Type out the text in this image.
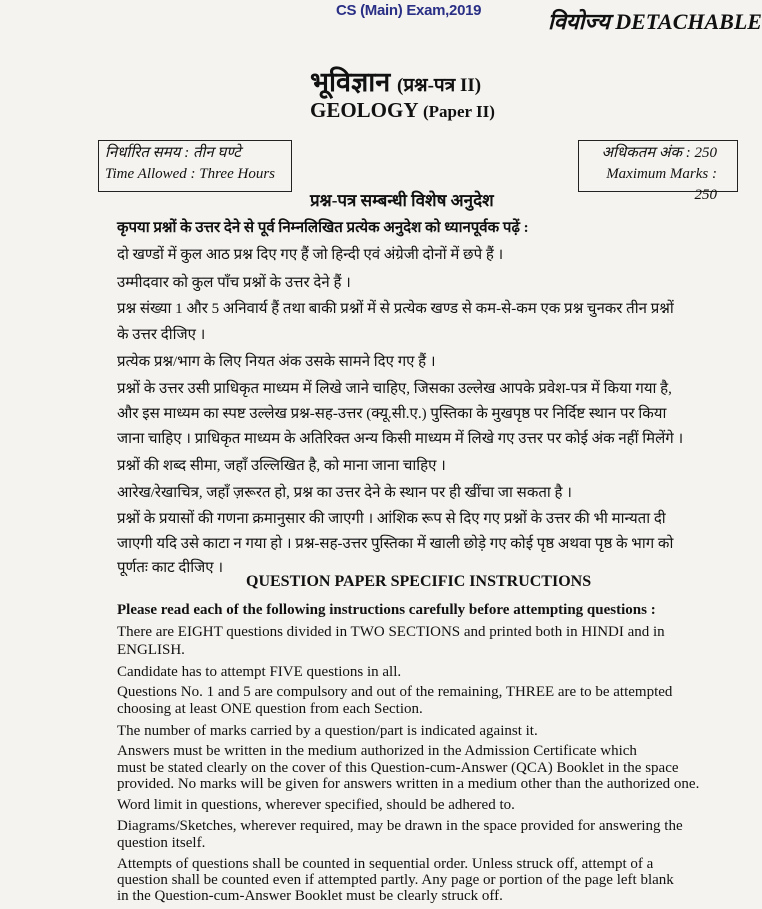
CS (Main) Exam,2019	वियोज्य DETACHABLE
भूविज्ञान (प्रश्न-पत्र II)
GEOLOGY (Paper II)
निर्धारित समय : तीन घण्टे
Time Allowed : Three Hours
अधिकतम अंक : 250
Maximum Marks : 250
प्रश्न-पत्र सम्बन्धी विशेष अनुदेश
कृपया प्रश्नों के उत्तर देने से पूर्व निम्नलिखित प्रत्येक अनुदेश को ध्यानपूर्वक पढ़ें :
दो खण्डों में कुल आठ प्रश्न दिए गए हैं जो हिन्दी एवं अंग्रेजी दोनों में छपे हैं ।
उम्मीदवार को कुल पाँच प्रश्नों के उत्तर देने हैं ।
प्रश्न संख्या 1 और 5 अनिवार्य हैं तथा बाकी प्रश्नों में से प्रत्येक खण्ड से कम-से-कम एक प्रश्न चुनकर तीन प्रश्नों
के उत्तर दीजिए ।
प्रत्येक प्रश्न/भाग के लिए नियत अंक उसके सामने दिए गए हैं ।
प्रश्नों के उत्तर उसी प्राधिकृत माध्यम में लिखे जाने चाहिए, जिसका उल्लेख आपके प्रवेश-पत्र में किया गया है,
और इस माध्यम का स्पष्ट उल्लेख प्रश्न-सह-उत्तर (क्यू.सी.ए.) पुस्तिका के मुखपृष्ठ पर निर्दिष्ट स्थान पर किया
जाना चाहिए । प्राधिकृत माध्यम के अतिरिक्त अन्य किसी माध्यम में लिखे गए उत्तर पर कोई अंक नहीं मिलेंगे ।
प्रश्नों की शब्द सीमा, जहाँ उल्लिखित है, को माना जाना चाहिए ।
आरेख/रेखाचित्र, जहाँ ज़रूरत हो, प्रश्न का उत्तर देने के स्थान पर ही खींचा जा सकता है ।
प्रश्नों के प्रयासों की गणना क्रमानुसार की जाएगी । आंशिक रूप से दिए गए प्रश्नों के उत्तर की भी मान्यता दी
जाएगी यदि उसे काटा न गया हो । प्रश्न-सह-उत्तर पुस्तिका में खाली छोड़े गए कोई पृष्ठ अथवा पृष्ठ के भाग को
पूर्णतः काट दीजिए ।
QUESTION PAPER SPECIFIC INSTRUCTIONS
Please read each of the following instructions carefully before attempting questions :
There are EIGHT questions divided in TWO SECTIONS and printed both in HINDI and in
ENGLISH.
Candidate has to attempt FIVE questions in all.
Questions No. 1 and 5 are compulsory and out of the remaining, THREE are to be attempted
choosing at least ONE question from each Section.
The number of marks carried by a question/part is indicated against it.
Answers must be written in the medium authorized in the Admission Certificate which
must be stated clearly on the cover of this Question-cum-Answer (QCA) Booklet in the space
provided. No marks will be given for answers written in a medium other than the authorized one.
Word limit in questions, wherever specified, should be adhered to.
Diagrams/Sketches, wherever required, may be drawn in the space provided for answering the
question itself.
Attempts of questions shall be counted in sequential order. Unless struck off, attempt of a
question shall be counted even if attempted partly. Any page or portion of the page left blank
in the Question-cum-Answer Booklet must be clearly struck off.
